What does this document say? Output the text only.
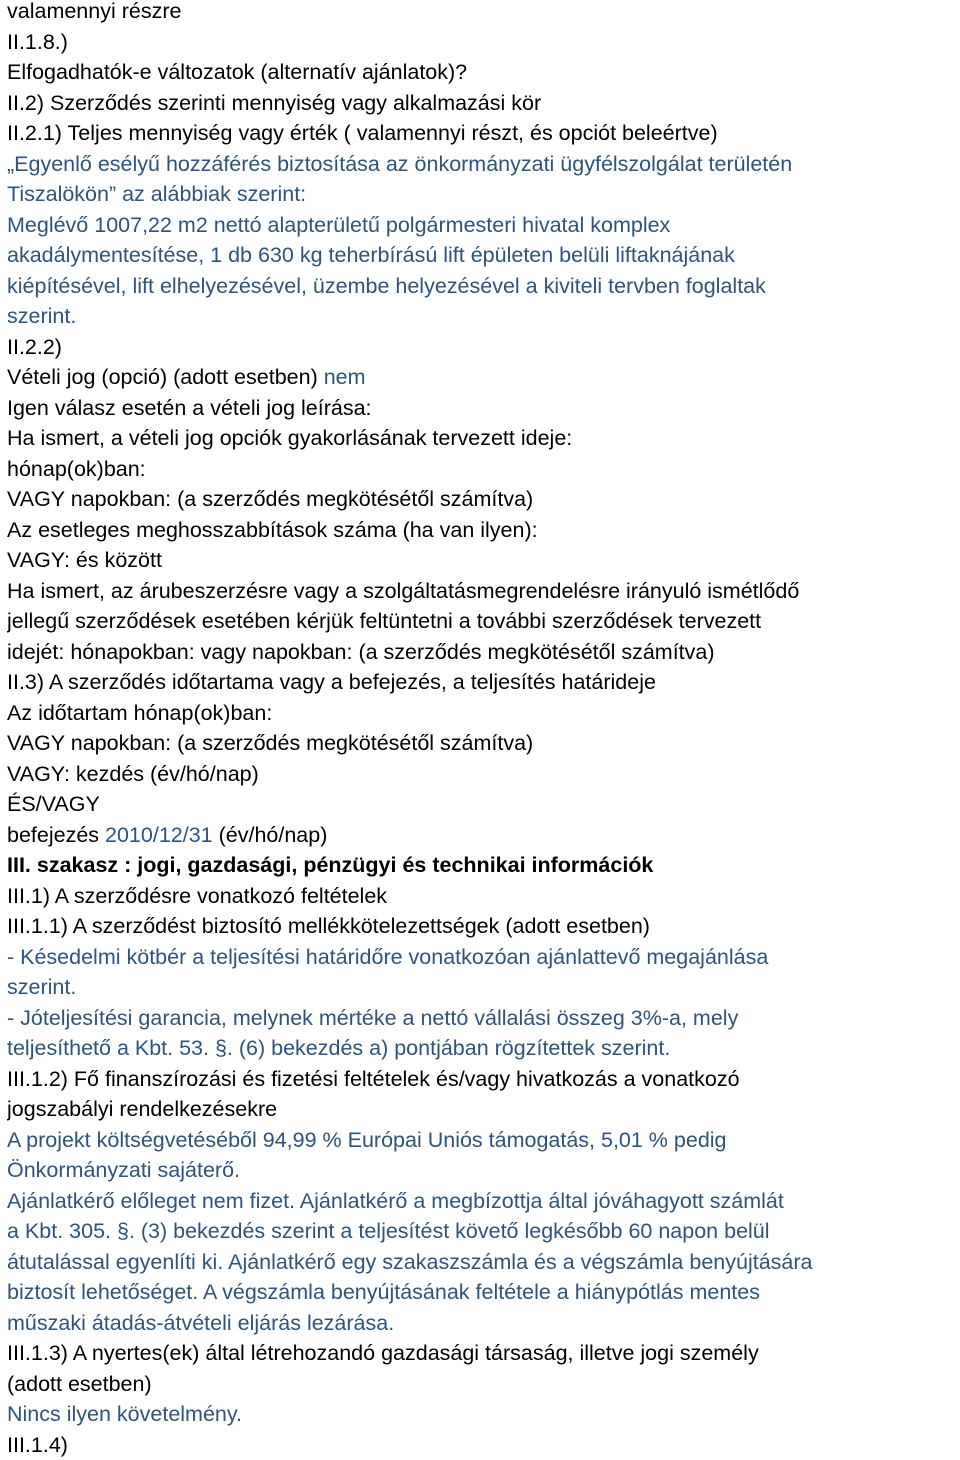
valamennyi részre
II.1.8.)
Elfogadhatók-e változatok (alternatív ajánlatok)?
II.2) Szerződés szerinti mennyiség vagy alkalmazási kör
II.2.1) Teljes mennyiség vagy érték ( valamennyi részt, és opciót beleértve)
„Egyenlő esélyű hozzáférés biztosítása az önkormányzati ügyfélszolgálat területén
Tiszalökön” az alábbiak szerint:
Meglévő 1007,22 m2 nettó alapterületű polgármesteri hivatal komplex
akadálymentesítése, 1 db 630 kg teherbírású lift épületen belüli liftaknájának
kiépítésével, lift elhelyezésével, üzembe helyezésével a kiviteli tervben foglaltak
szerint.
II.2.2)
Vételi jog (opció) (adott esetben) nem
Igen válasz esetén a vételi jog leírása:
Ha ismert, a vételi jog opciók gyakorlásának tervezett ideje:
hónap(ok)ban:
VAGY napokban: (a szerződés megkötésétől számítva)
Az esetleges meghosszabbítások száma (ha van ilyen):
VAGY: és között
Ha ismert, az árubeszerzésre vagy a szolgáltatásmegrendelésre irányuló ismétlődő
jellegű szerződések esetében kérjük feltüntetni a további szerződések tervezett
idejét: hónapokban: vagy napokban: (a szerződés megkötésétől számítva)
II.3) A szerződés időtartama vagy a befejezés, a teljesítés határideje
Az időtartam hónap(ok)ban:
VAGY napokban: (a szerződés megkötésétől számítva)
VAGY: kezdés (év/hó/nap)
ÉS/VAGY
befejezés 2010/12/31 (év/hó/nap)
III. szakasz : jogi, gazdasági, pénzügyi és technikai információk
III.1) A szerződésre vonatkozó feltételek
III.1.1) A szerződést biztosító mellékkötelezettségek (adott esetben)
- Késedelmi kötbér a teljesítési határidőre vonatkozóan ajánlattevő megajánlása
szerint.
- Jóteljesítési garancia, melynek mértéke a nettó vállalási összeg 3%-a, mely
teljesíthető a Kbt. 53. §. (6) bekezdés a) pontjában rögzítettek szerint.
III.1.2) Fő finanszírozási és fizetési feltételek és/vagy hivatkozás a vonatkozó
jogszabályi rendelkezésekre
A projekt költségvetéséből 94,99 % Európai Uniós támogatás, 5,01 % pedig
Önkormányzati sajáterő.
Ajánlatkérő előleget nem fizet. Ajánlatkérő a megbízottja által jóváhagyott számlát
a Kbt. 305. §. (3) bekezdés szerint a teljesítést követő legkésőbb 60 napon belül
átutalással egyenlíti ki. Ajánlatkérő egy szakaszszámla és a végszámla benyújtására
biztosít lehetőséget. A végszámla benyújtásának feltétele a hiánypótlás mentes
műszaki átadás-átvételi eljárás lezárása.
III.1.3) A nyertes(ek) által létrehozandó gazdasági társaság, illetve jogi személy
(adott esetben)
Nincs ilyen követelmény.
III.1.4)
